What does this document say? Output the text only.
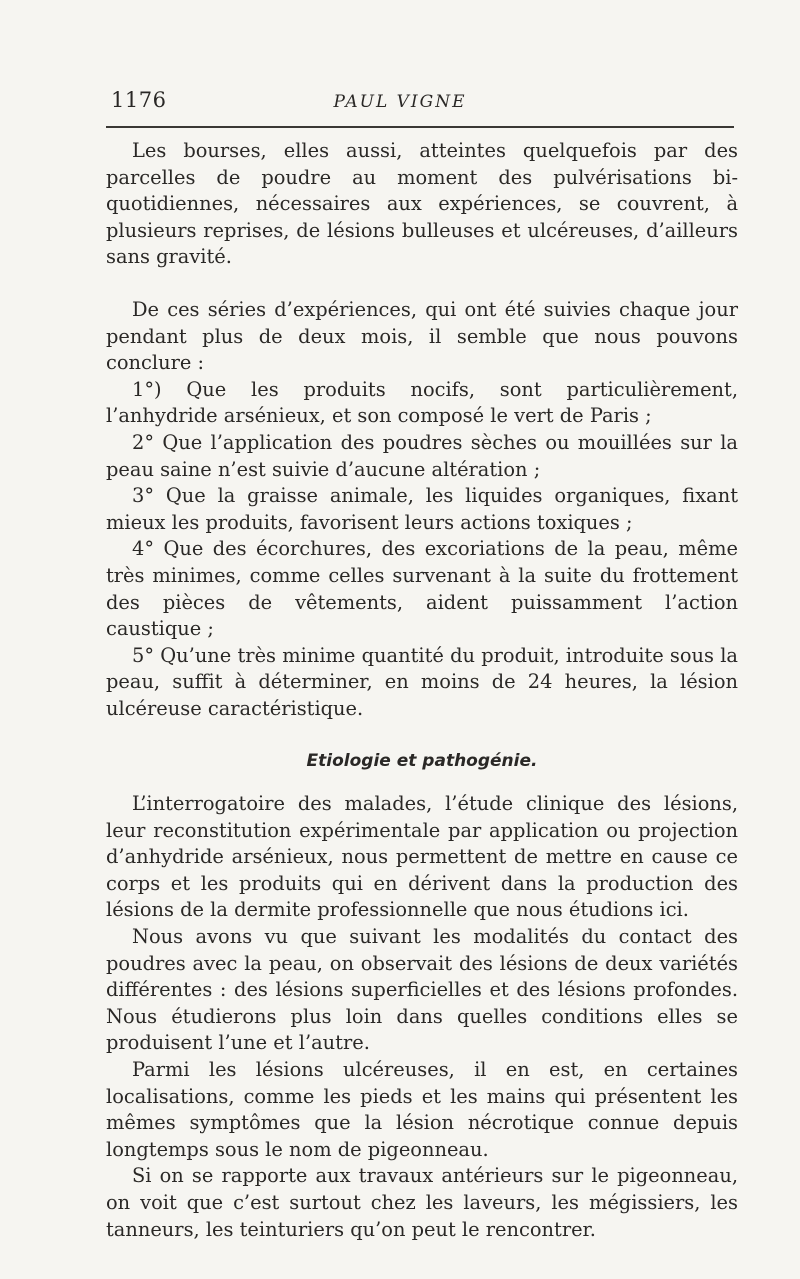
1176	PAUL VIGNE

Les bourses, elles aussi, atteintes quelquefois par des parcelles de poudre au moment des pulvérisations bi-quotidiennes, nécessaires aux expériences, se couvrent, à plusieurs reprises, de lésions bulleuses et ulcéreuses, d’ailleurs sans gravité.

De ces séries d’expériences, qui ont été suivies chaque jour pendant plus de deux mois, il semble que nous pouvons conclure :

1°) Que les produits nocifs, sont particulièrement, l’anhydride arsénieux, et son composé le vert de Paris ;

2° Que l’application des poudres sèches ou mouillées sur la peau saine n’est suivie d’aucune altération ;

3° Que la graisse animale, les liquides organiques, fixant mieux les produits, favorisent leurs actions toxiques ;

4° Que des écorchures, des excoriations de la peau, même très minimes, comme celles survenant à la suite du frottement des pièces de vêtements, aident puissamment l’action caustique ;

5° Qu’une très minime quantité du produit, introduite sous la peau, suffit à déterminer, en moins de 24 heures, la lésion ulcéreuse caractéristique.

Etiologie et pathogénie.

L’interrogatoire des malades, l’étude clinique des lésions, leur reconstitution expérimentale par application ou projection d’anhydride arsénieux, nous permettent de mettre en cause ce corps et les produits qui en dérivent dans la production des lésions de la dermite professionnelle que nous étudions ici.

Nous avons vu que suivant les modalités du contact des poudres avec la peau, on observait des lésions de deux variétés différentes : des lésions superficielles et des lésions profondes. Nous étudierons plus loin dans quelles conditions elles se produisent l’une et l’autre.

Parmi les lésions ulcéreuses, il en est, en certaines localisations, comme les pieds et les mains qui présentent les mêmes symptômes que la lésion nécrotique connue depuis longtemps sous le nom de pigeonneau.

Si on se rapporte aux travaux antérieurs sur le pigeonneau, on voit que c’est surtout chez les laveurs, les mégissiers, les tanneurs, les teinturiers qu’on peut le rencontrer.
